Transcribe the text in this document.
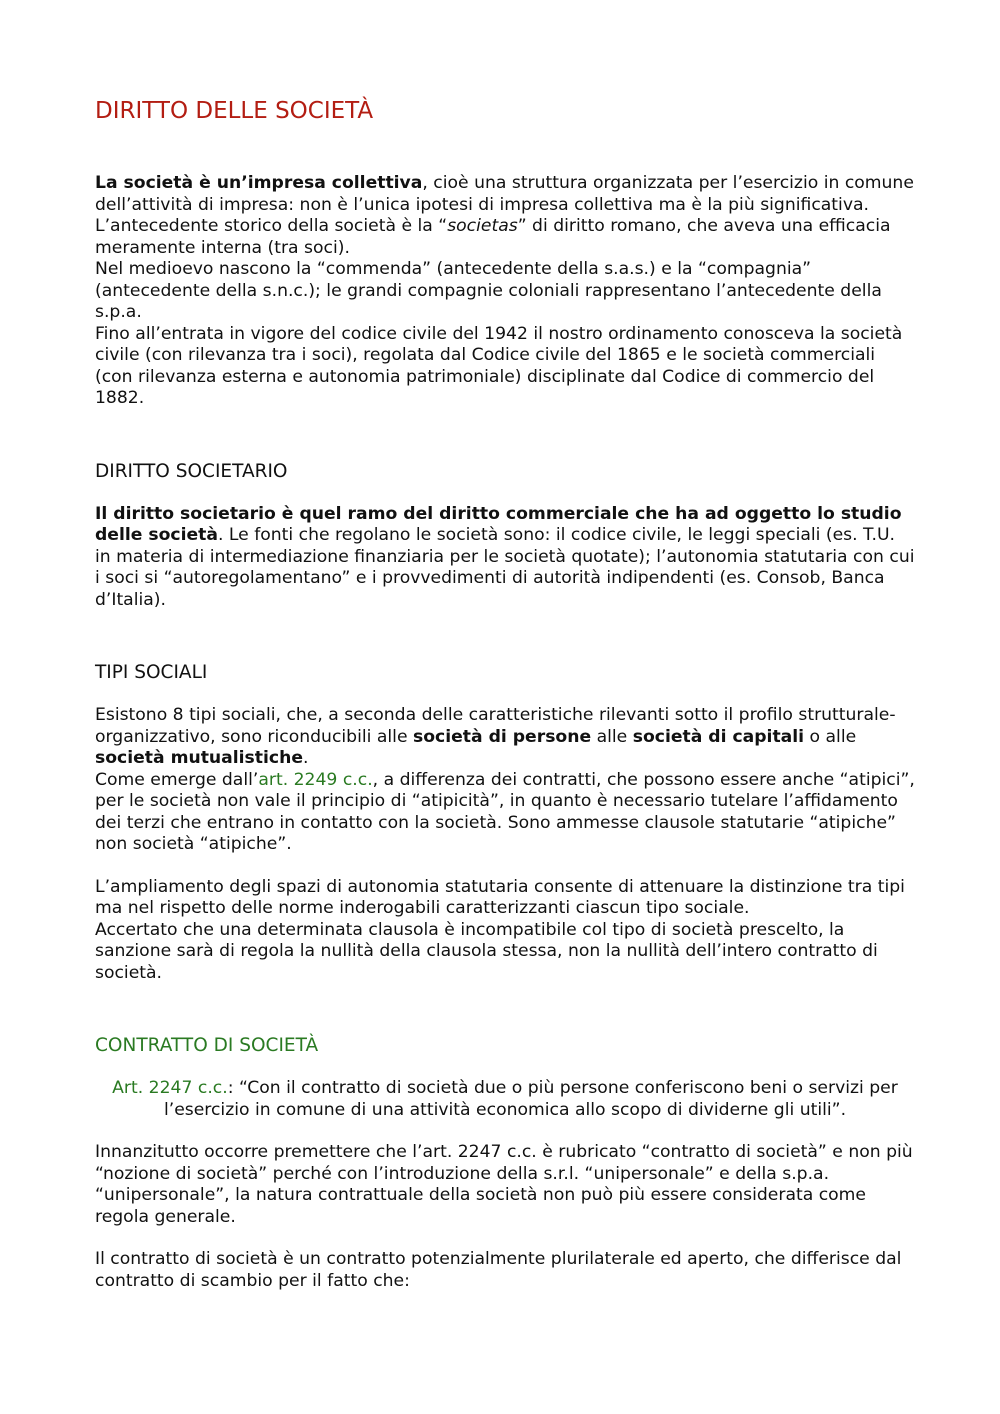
DIRITTO DELLE SOCIETÀ

La società è un’impresa collettiva, cioè una struttura organizzata per l’esercizio in comune dell’attività di impresa: non è l’unica ipotesi di impresa collettiva ma è la più significativa.

L’antecedente storico della società è la “societas” di diritto romano, che aveva una efficacia meramente interna (tra soci).

Nel medioevo nascono la “commenda” (antecedente della s.a.s.) e la “compagnia” (antecedente della s.n.c.); le grandi compagnie coloniali rappresentano l’antecedente della s.p.a.

Fino all’entrata in vigore del codice civile del 1942 il nostro ordinamento conosceva la società civile (con rilevanza tra i soci), regolata dal Codice civile del 1865 e le società commerciali (con rilevanza esterna e autonomia patrimoniale) disciplinate dal Codice di commercio del 1882.

DIRITTO SOCIETARIO

Il diritto societario è quel ramo del diritto commerciale che ha ad oggetto lo studio delle società. Le fonti che regolano le società sono: il codice civile, le leggi speciali (es. T.U. in materia di intermediazione finanziaria per le società quotate); l’autonomia statutaria con cui i soci si “autoregolamentano” e i provvedimenti di autorità indipendenti (es. Consob, Banca d’Italia).

TIPI SOCIALI

Esistono 8 tipi sociali, che, a seconda delle caratteristiche rilevanti sotto il profilo strutturale-organizzativo, sono riconducibili alle società di persone alle società di capitali o alle società mutualistiche.

Come emerge dall’art. 2249 c.c., a differenza dei contratti, che possono essere anche “atipici”, per le società non vale il principio di “atipicità”, in quanto è necessario tutelare l’affidamento dei terzi che entrano in contatto con la società. Sono ammesse clausole statutarie “atipiche” non società “atipiche”.

L’ampliamento degli spazi di autonomia statutaria consente di attenuare la distinzione tra tipi ma nel rispetto delle norme inderogabili caratterizzanti ciascun tipo sociale.

Accertato che una determinata clausola è incompatibile col tipo di società prescelto, la sanzione sarà di regola la nullità della clausola stessa, non la nullità dell’intero contratto di società.

CONTRATTO DI SOCIETÀ

Art. 2247 c.c.: “Con il contratto di società due o più persone conferiscono beni o servizi per l’esercizio in comune di una attività economica allo scopo di dividerne gli utili”.

Innanzitutto occorre premettere che l’art. 2247 c.c. è rubricato “contratto di società” e non più “nozione di società” perché con l’introduzione della s.r.l. “unipersonale” e della s.p.a. “unipersonale”, la natura contrattuale della società non può più essere considerata come regola generale.

Il contratto di società è un contratto potenzialmente plurilaterale ed aperto, che differisce dal contratto di scambio per il fatto che:
